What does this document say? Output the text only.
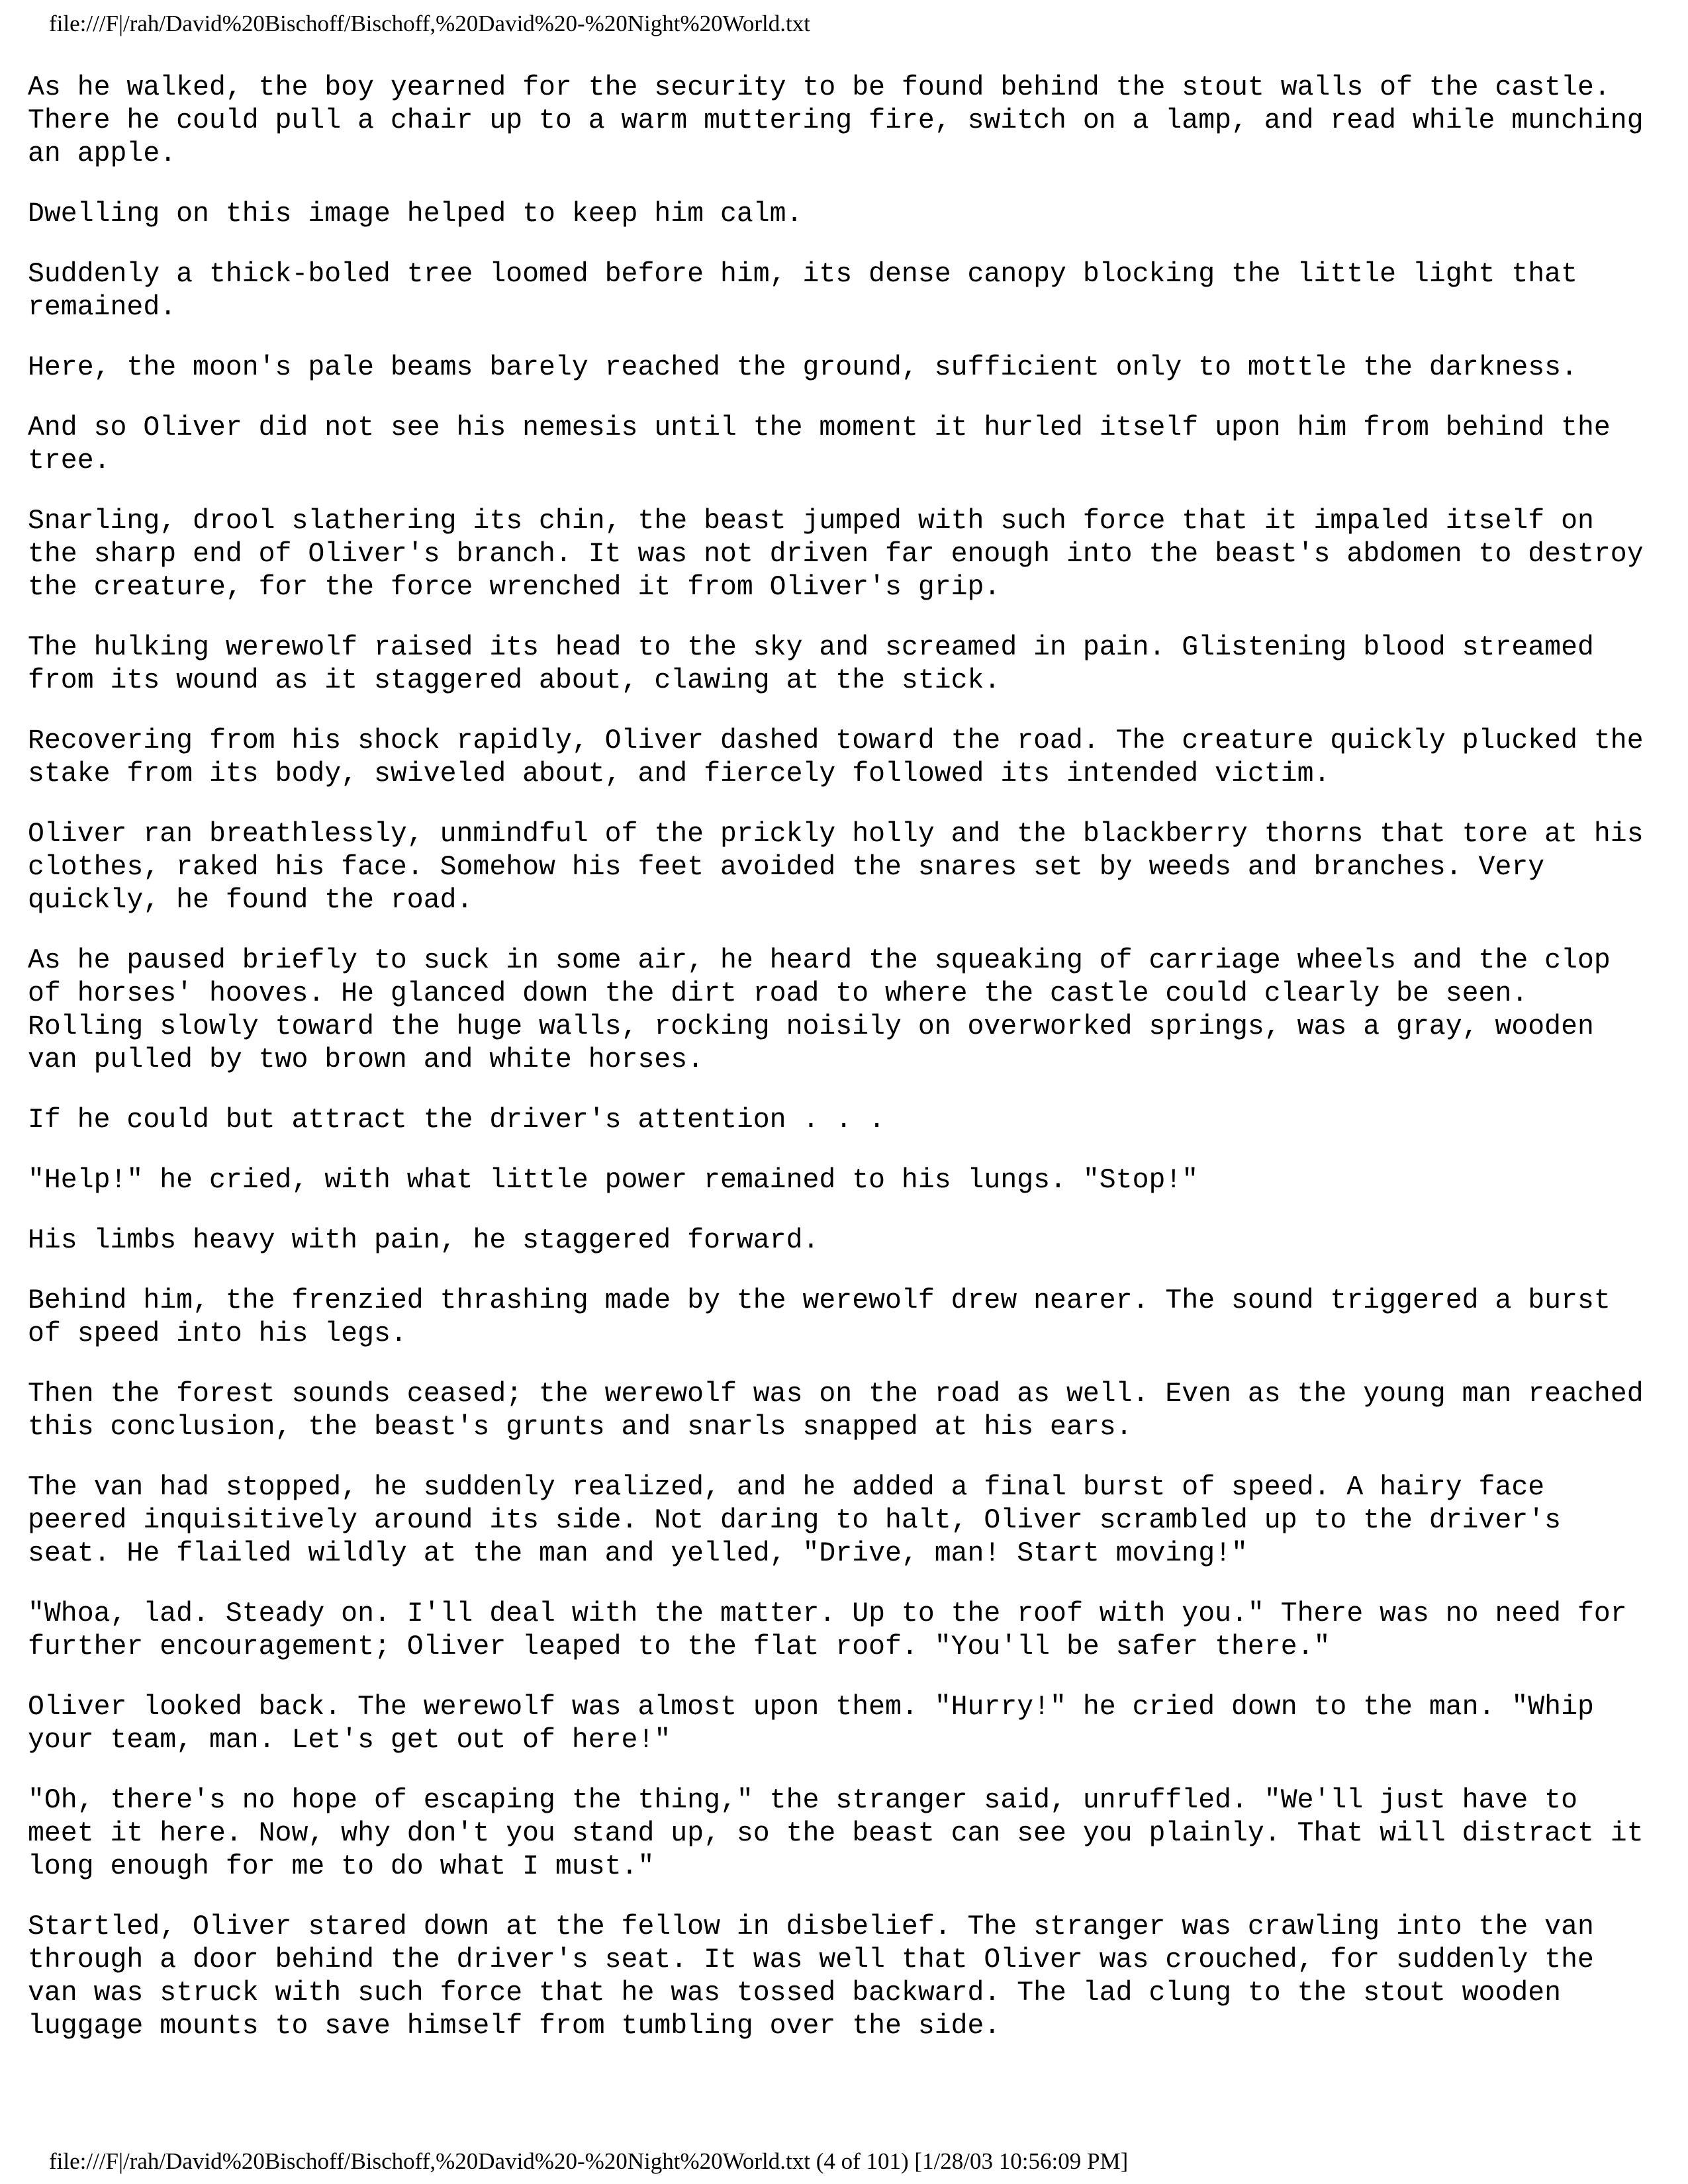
file:///F|/rah/David%20Bischoff/Bischoff,%20David%20-%20Night%20World.txt

As he walked, the boy yearned for the security to be found behind the stout walls of the castle.
There he could pull a chair up to a warm muttering fire, switch on a lamp, and read while munching
an apple.

Dwelling on this image helped to keep him calm.

Suddenly a thick-boled tree loomed before him, its dense canopy blocking the little light that
remained.

Here, the moon's pale beams barely reached the ground, sufficient only to mottle the darkness.

And so Oliver did not see his nemesis until the moment it hurled itself upon him from behind the
tree.

Snarling, drool slathering its chin, the beast jumped with such force that it impaled itself on
the sharp end of Oliver's branch. It was not driven far enough into the beast's abdomen to destroy
the creature, for the force wrenched it from Oliver's grip.

The hulking werewolf raised its head to the sky and screamed in pain. Glistening blood streamed
from its wound as it staggered about, clawing at the stick.

Recovering from his shock rapidly, Oliver dashed toward the road. The creature quickly plucked the
stake from its body, swiveled about, and fiercely followed its intended victim.

Oliver ran breathlessly, unmindful of the prickly holly and the blackberry thorns that tore at his
clothes, raked his face. Somehow his feet avoided the snares set by weeds and branches. Very
quickly, he found the road.

As he paused briefly to suck in some air, he heard the squeaking of carriage wheels and the clop
of horses' hooves. He glanced down the dirt road to where the castle could clearly be seen.
Rolling slowly toward the huge walls, rocking noisily on overworked springs, was a gray, wooden
van pulled by two brown and white horses.

If he could but attract the driver's attention . . .

"Help!" he cried, with what little power remained to his lungs. "Stop!"

His limbs heavy with pain, he staggered forward.

Behind him, the frenzied thrashing made by the werewolf drew nearer. The sound triggered a burst
of speed into his legs.

Then the forest sounds ceased; the werewolf was on the road as well. Even as the young man reached
this conclusion, the beast's grunts and snarls snapped at his ears.

The van had stopped, he suddenly realized, and he added a final burst of speed. A hairy face
peered inquisitively around its side. Not daring to halt, Oliver scrambled up to the driver's
seat. He flailed wildly at the man and yelled, "Drive, man! Start moving!"

"Whoa, lad. Steady on. I'll deal with the matter. Up to the roof with you." There was no need for
further encouragement; Oliver leaped to the flat roof. "You'll be safer there."

Oliver looked back. The werewolf was almost upon them. "Hurry!" he cried down to the man. "Whip
your team, man. Let's get out of here!"

"Oh, there's no hope of escaping the thing," the stranger said, unruffled. "We'll just have to
meet it here. Now, why don't you stand up, so the beast can see you plainly. That will distract it
long enough for me to do what I must."

Startled, Oliver stared down at the fellow in disbelief. The stranger was crawling into the van
through a door behind the driver's seat. It was well that Oliver was crouched, for suddenly the
van was struck with such force that he was tossed backward. The lad clung to the stout wooden
luggage mounts to save himself from tumbling over the side.

file:///F|/rah/David%20Bischoff/Bischoff,%20David%20-%20Night%20World.txt (4 of 101) [1/28/03 10:56:09 PM]
